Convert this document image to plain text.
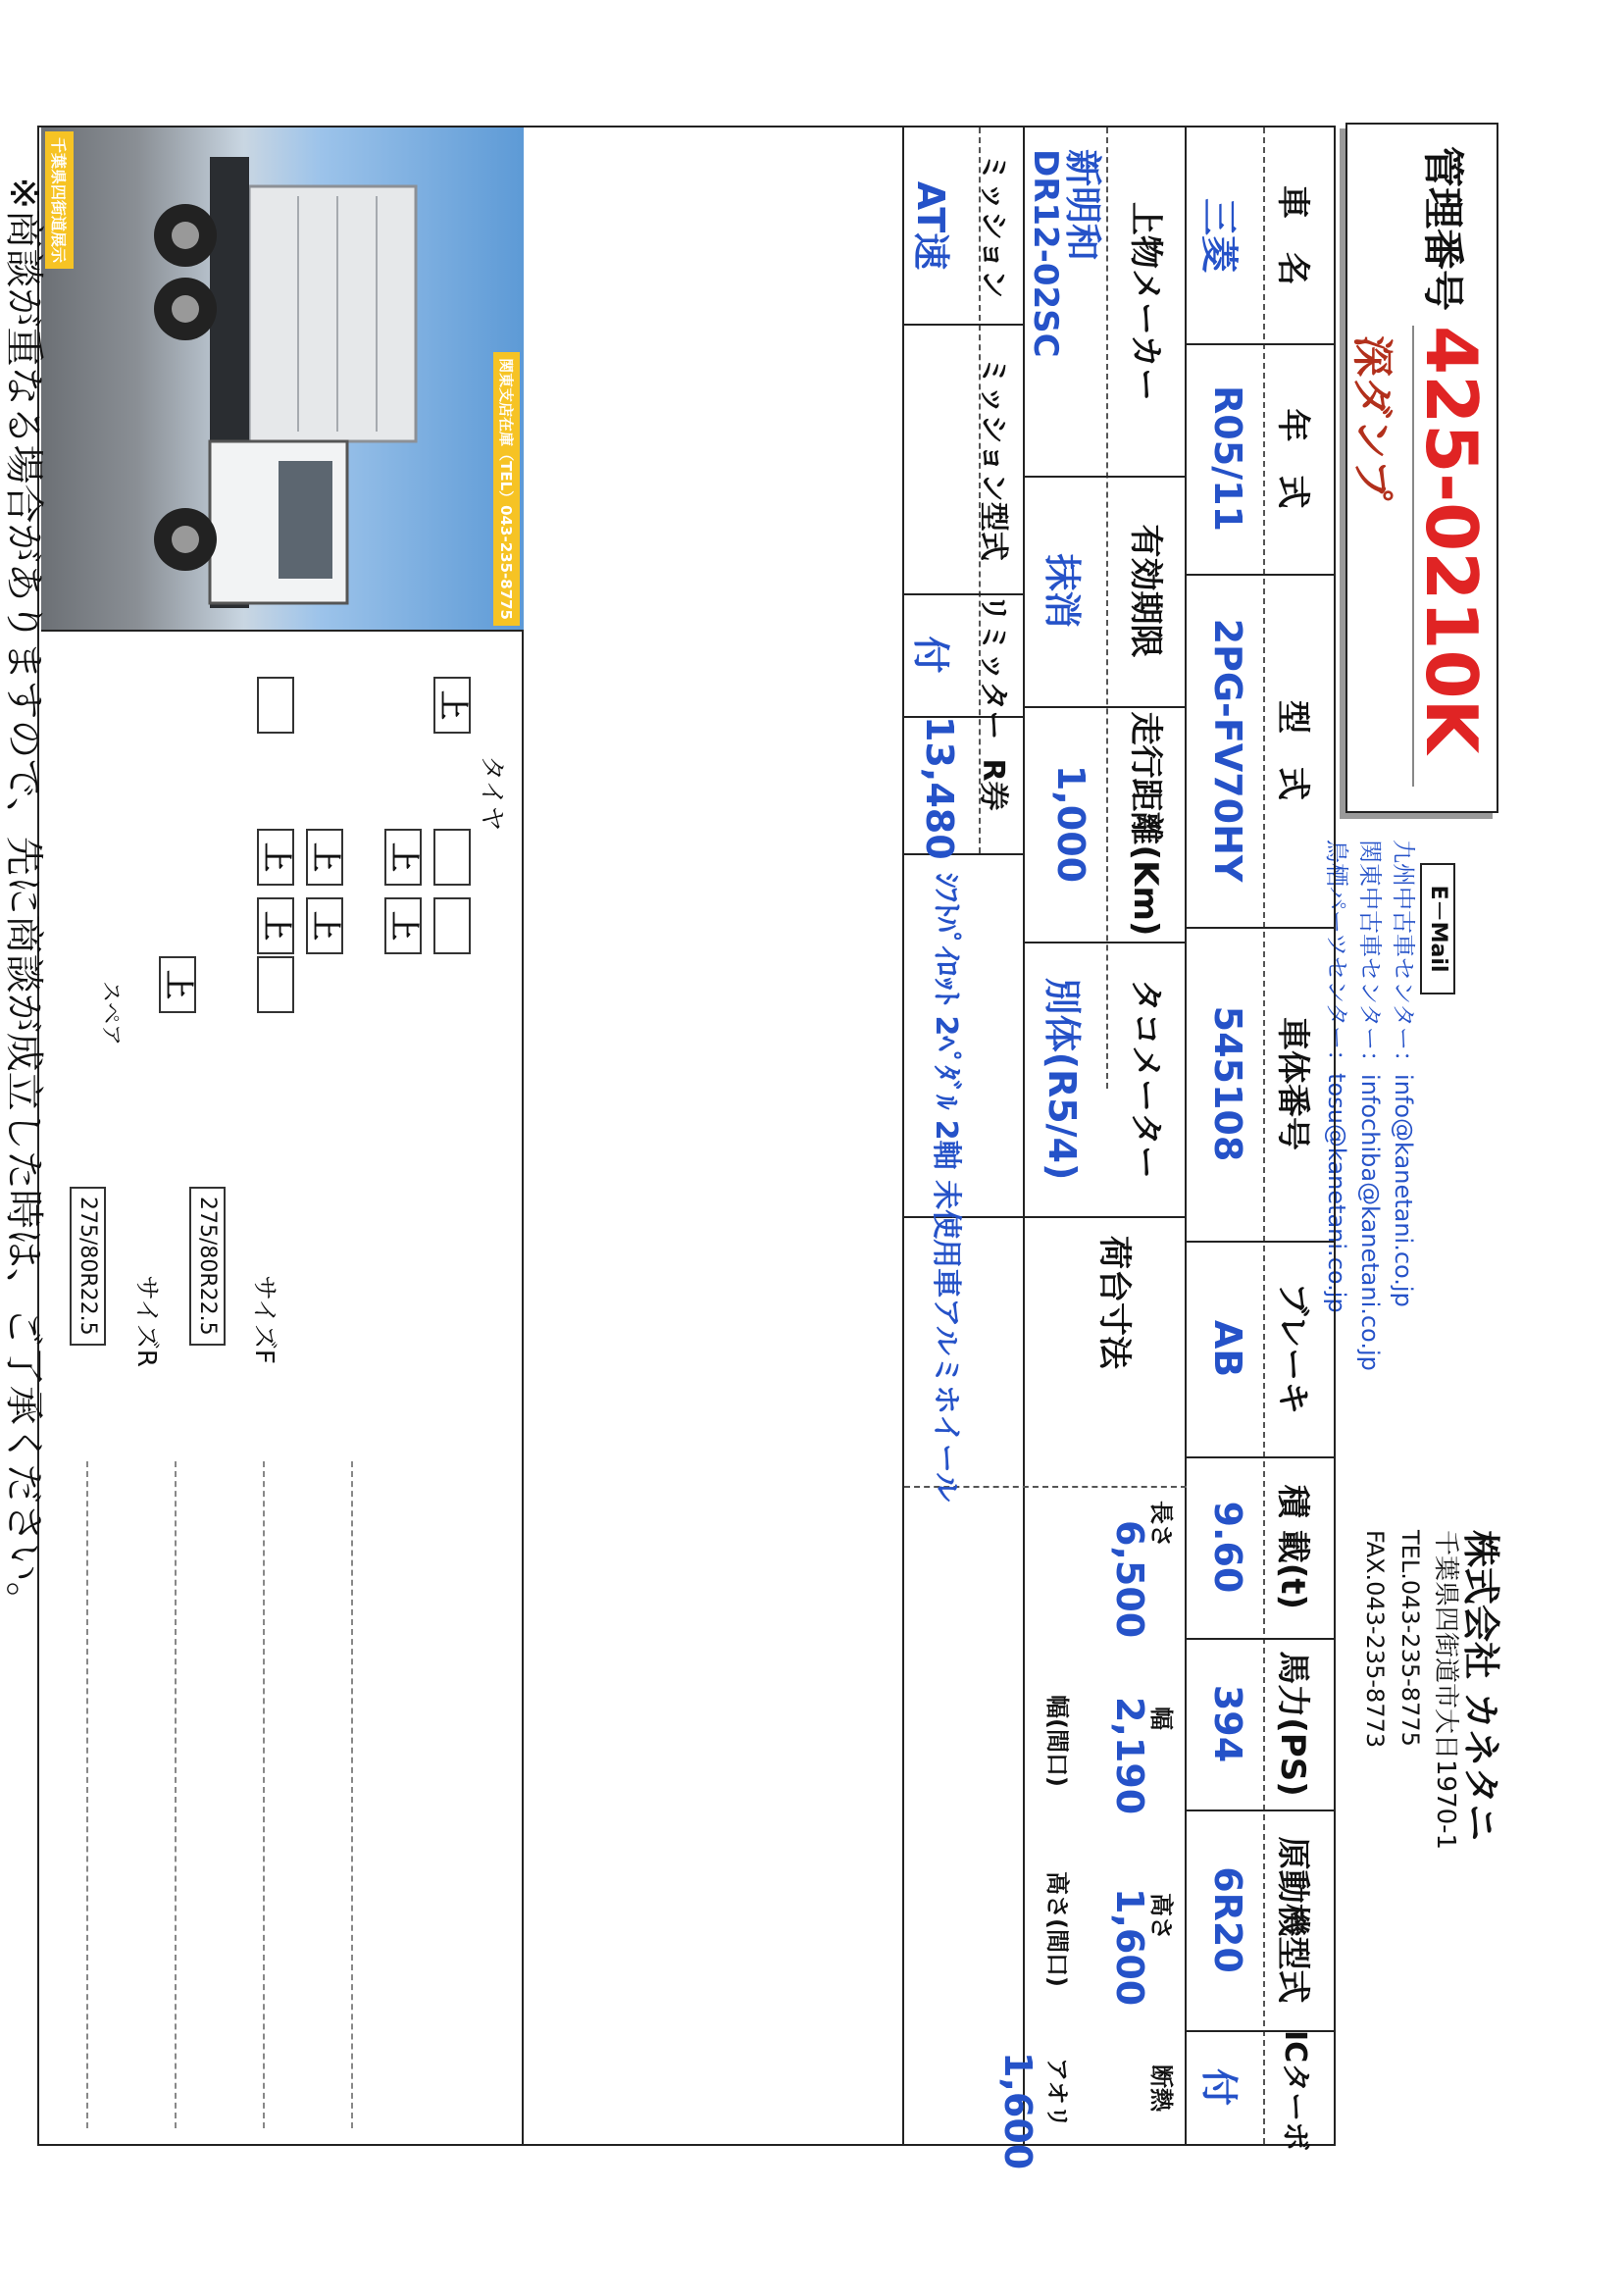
管理番号
425-0210K
深ダンプ
E－Mail
九州中古車センター：info@kanetani.co.jp
関東中古車センター：infochiba@kanetani.co.jp
鳥栖パーツセンター：tosu@kanetani.co.jp
株式会社 カネタニ
千葉県四街道市大日1970-1
TEL.043-235-8775
FAX.043-235-8773
車　名
三菱
年　式
R05/11
型　式
2PG-FV70HY
車体番号
545108
ブレーキ
AB
積 載(t)
9.60
馬力(PS)
394
原動機型式
6R20
ICターボ
付
上物メーカー
新明和
DR12-02SC
有効期限
抹消
走行距離(Km)
1,000
タコメーター
別体(R5/4)
荷台寸法
長さ
6,500
幅
2,190
高さ
1,600
断熱
幅(間口)
高さ(間口)
アオリ
1,600
ミッション
AT速
ミッション型式
リミッター
付
R券
13,480
ｼﾌﾄﾊﾟｲﾛｯﾄ 2ﾍﾟﾀﾞﾙ 2軸 未使用車アルミホイール
千葉県四街道展示
関東支店在庫（TEL）043-235-8775
タイヤ
上
上
上
上
上
上
上
上
スペア
サイズF
275/80R22.5
サイズR
275/80R22.5
※商談が重なる場合がありますので、先に商談が成立した時は、ご了承ください。
